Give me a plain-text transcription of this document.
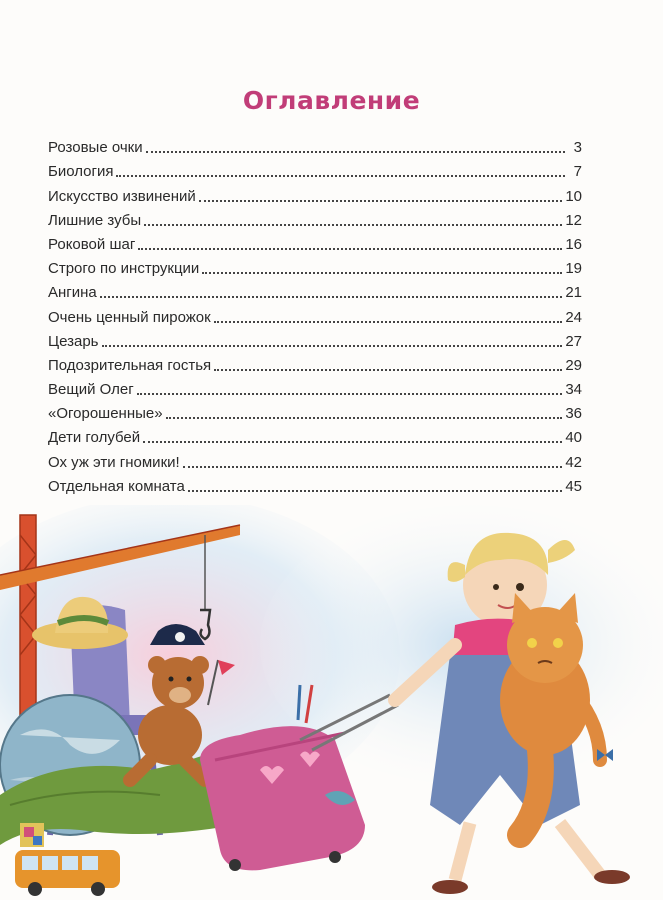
Оглавление
Розовые очки	3
Биология	7
Искусство извинений	10
Лишние зубы	12
Роковой шаг	16
Строго по инструкции	19
Ангина	21
Очень ценный пирожок	24
Цезарь	27
Подозрительная гостья	29
Вещий Олег	34
«Огорошенные»	36
Дети голубей	40
Ох уж эти гномики!	42
Отдельная комната	45
